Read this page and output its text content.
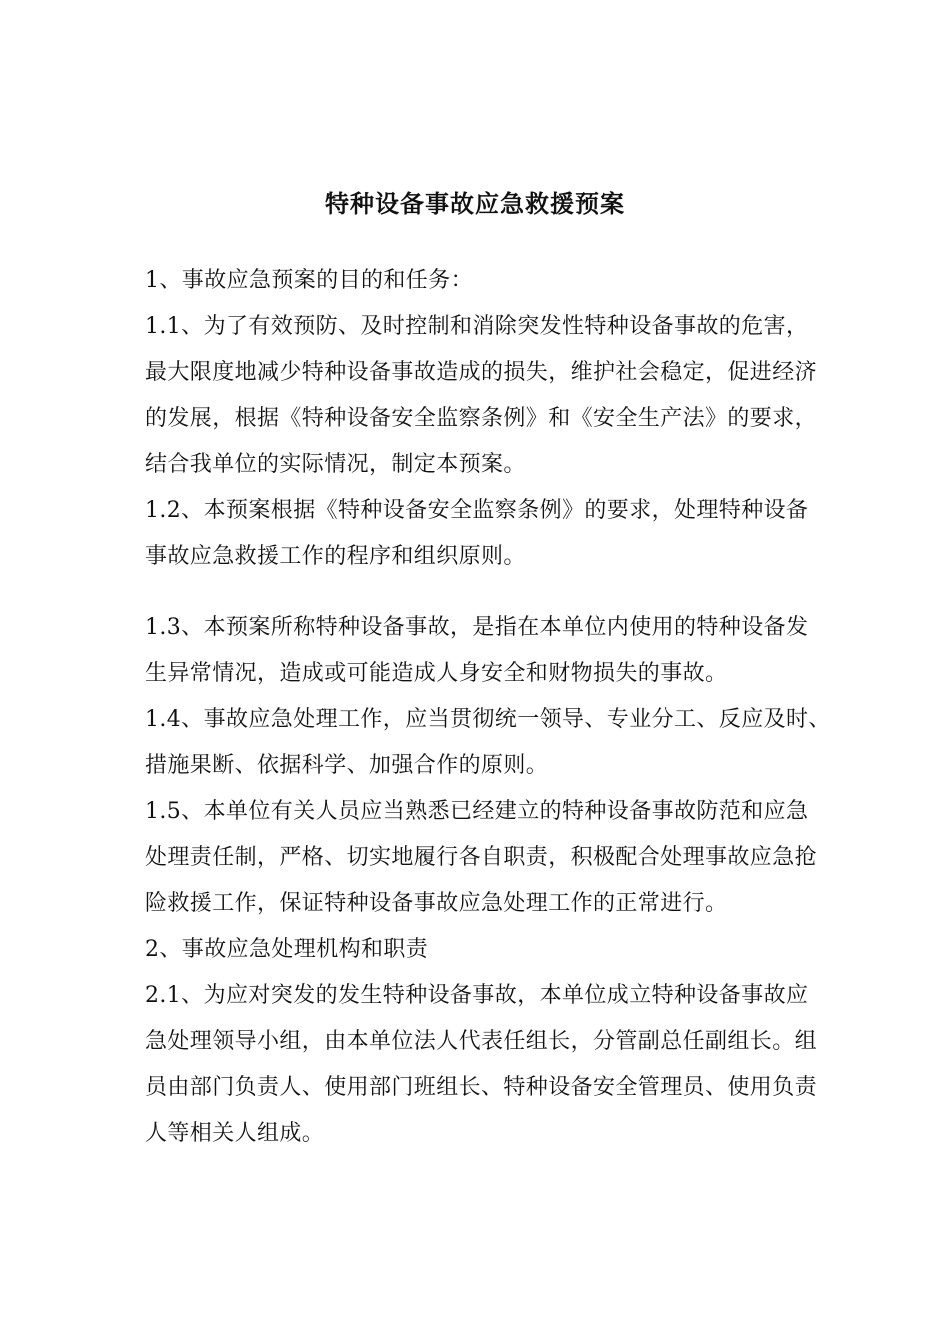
特种设备事故应急救援预案
1、事故应急预案的目的和任务：
1.1、为了有效预防、及时控制和消除突发性特种设备事故的危害，
最大限度地减少特种设备事故造成的损失，维护社会稳定，促进经济
的发展，根据《特种设备安全监察条例》和《安全生产法》的要求，
结合我单位的实际情况，制定本预案。
1.2、本预案根据《特种设备安全监察条例》的要求，处理特种设备
事故应急救援工作的程序和组织原则。
1.3、本预案所称特种设备事故，是指在本单位内使用的特种设备发
生异常情况，造成或可能造成人身安全和财物损失的事故。
1.4、事故应急处理工作，应当贯彻统一领导、专业分工、反应及时、
措施果断、依据科学、加强合作的原则。
1.5、本单位有关人员应当熟悉已经建立的特种设备事故防范和应急
处理责任制，严格、切实地履行各自职责，积极配合处理事故应急抢
险救援工作，保证特种设备事故应急处理工作的正常进行。
2、事故应急处理机构和职责
2.1、为应对突发的发生特种设备事故，本单位成立特种设备事故应
急处理领导小组，由本单位法人代表任组长，分管副总任副组长。组
员由部门负责人、使用部门班组长、特种设备安全管理员、使用负责
人等相关人组成。
